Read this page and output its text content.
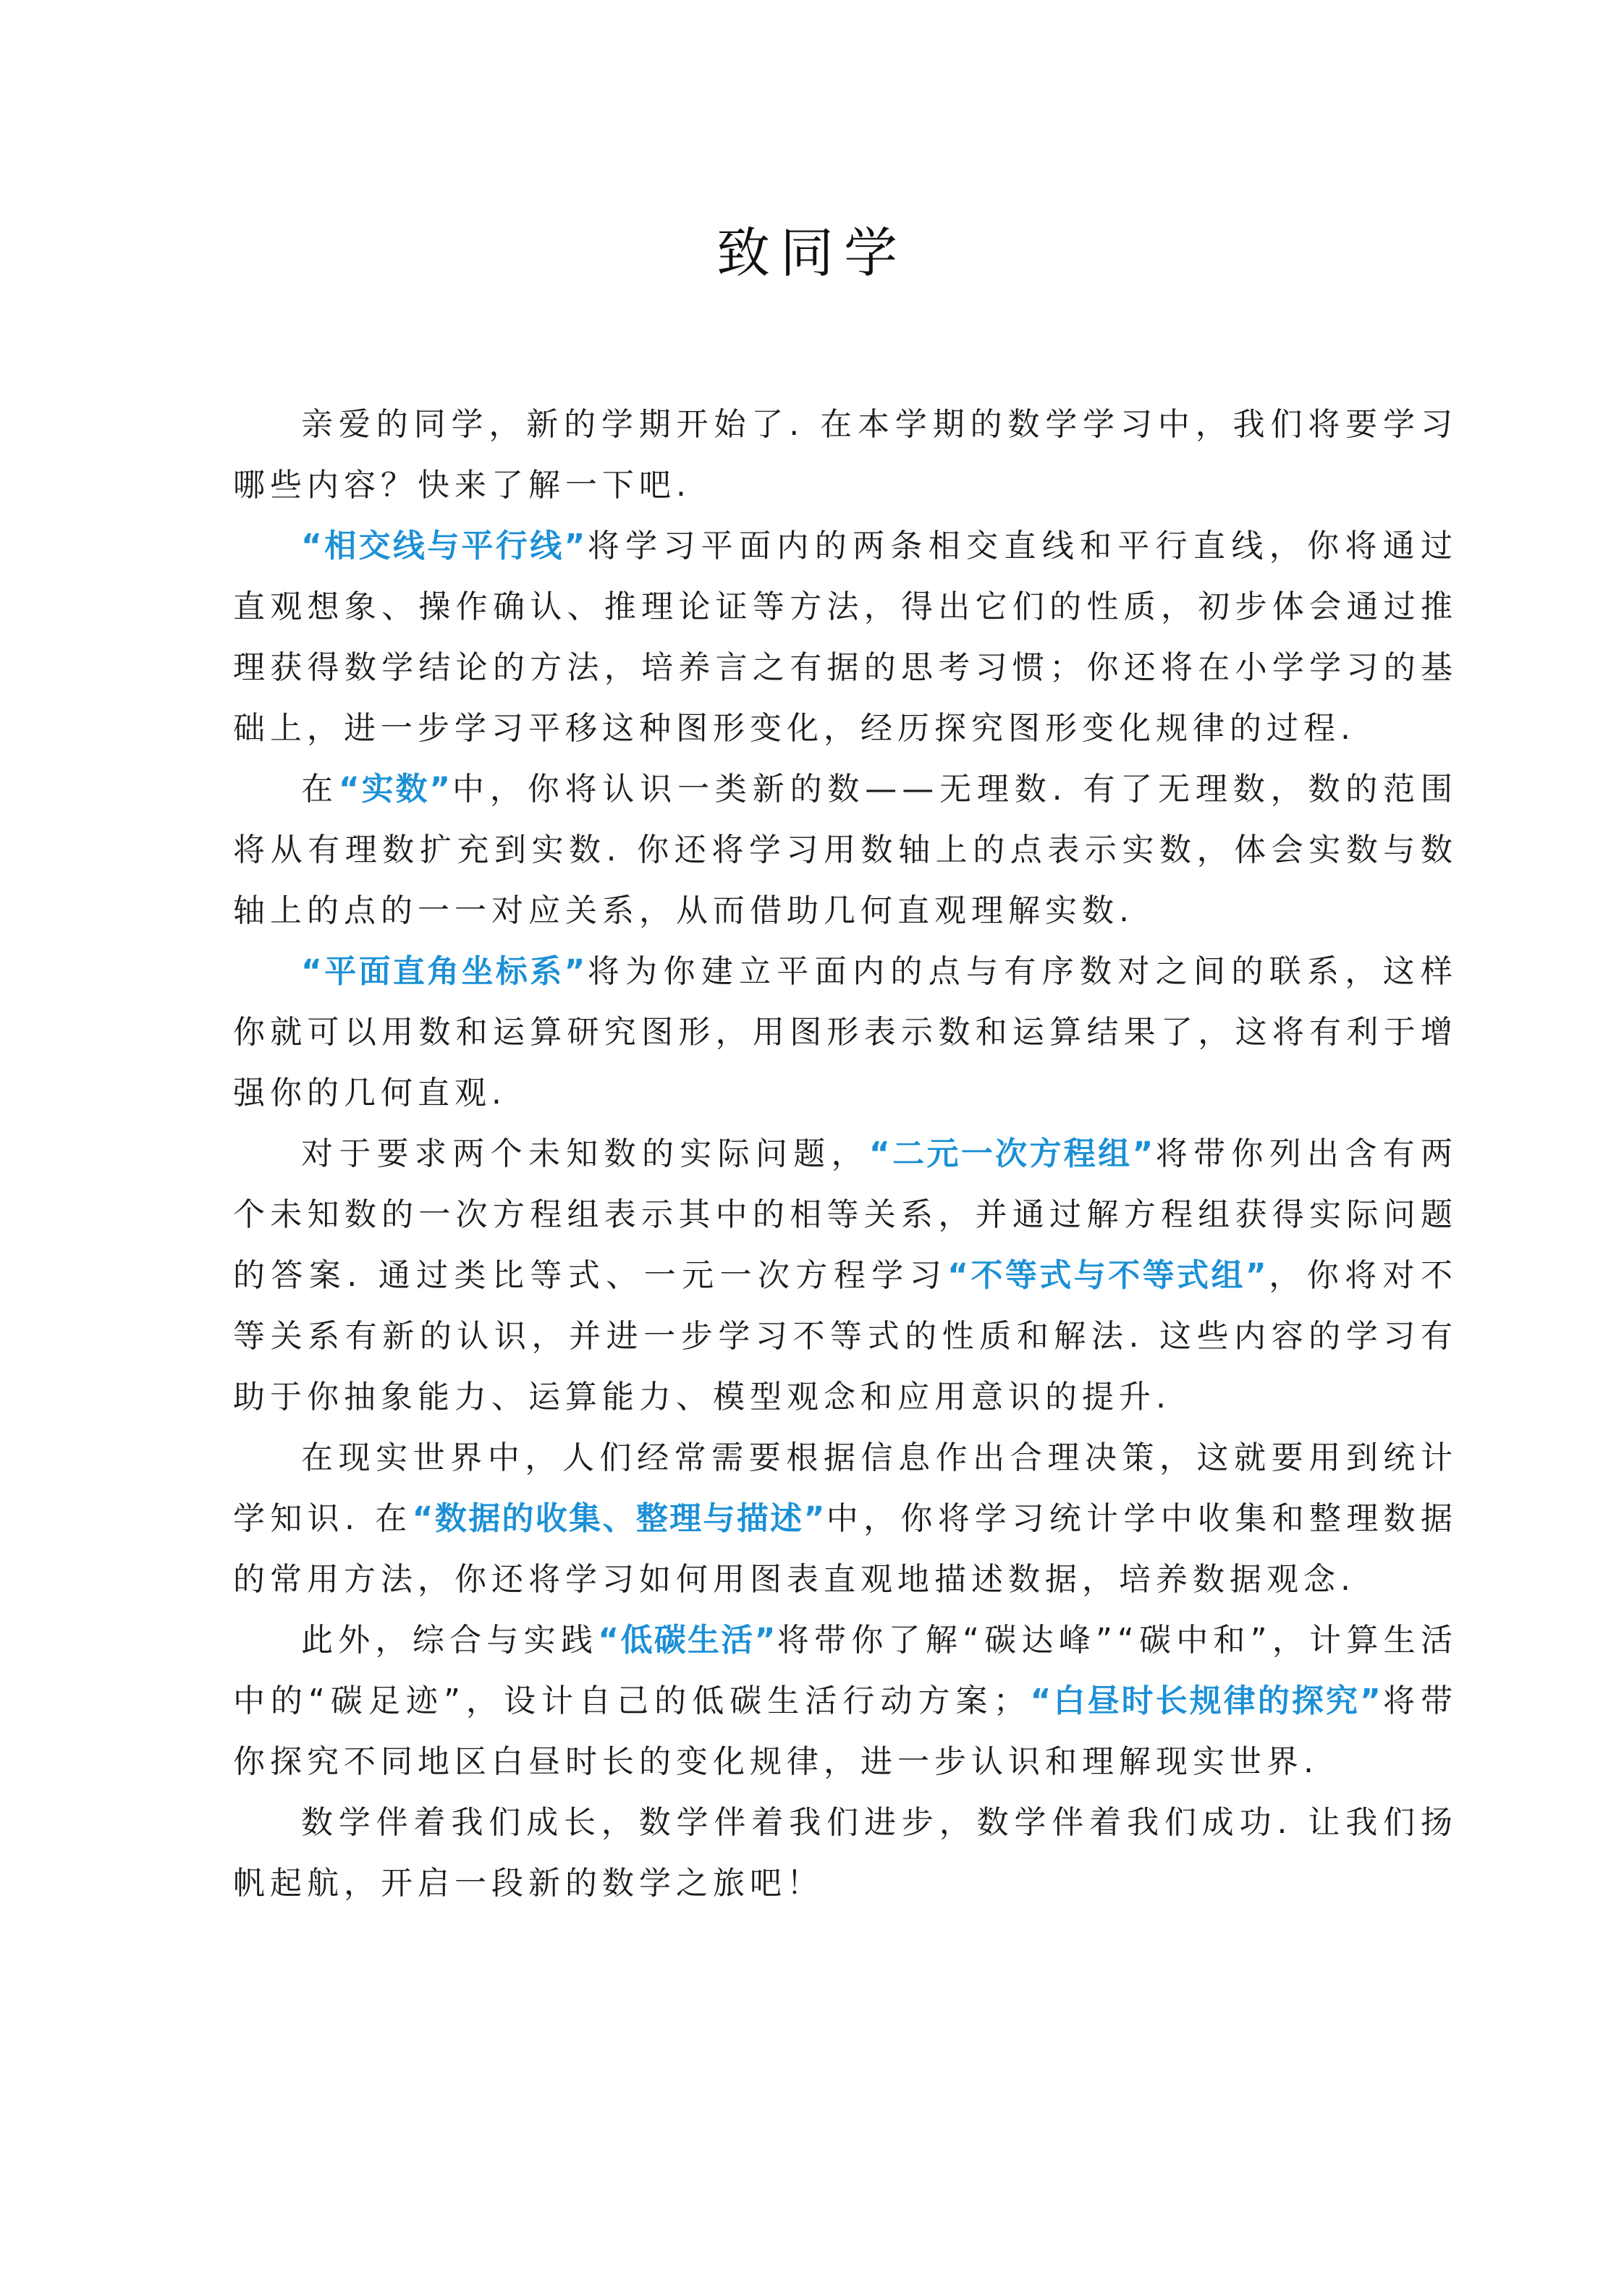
致同学

亲爱的同学，新的学期开始了. 在本学期的数学学习中，我们将要学习哪些内容？快来了解一下吧.

“相交线与平行线”将学习平面内的两条相交直线和平行直线，你将通过直观想象、操作确认、推理论证等方法，得出它们的性质，初步体会通过推理获得数学结论的方法，培养言之有据的思考习惯；你还将在小学学习的基础上，进一步学习平移这种图形变化，经历探究图形变化规律的过程.

在“实数”中，你将认识一类新的数——无理数. 有了无理数，数的范围将从有理数扩充到实数. 你还将学习用数轴上的点表示实数，体会实数与数轴上的点的一一对应关系，从而借助几何直观理解实数.

“平面直角坐标系”将为你建立平面内的点与有序数对之间的联系，这样你就可以用数和运算研究图形，用图形表示数和运算结果了，这将有利于增强你的几何直观.

对于要求两个未知数的实际问题，“二元一次方程组”将带你列出含有两个未知数的一次方程组表示其中的相等关系，并通过解方程组获得实际问题的答案. 通过类比等式、一元一次方程学习“不等式与不等式组”，你将对不等关系有新的认识，并进一步学习不等式的性质和解法. 这些内容的学习有助于你抽象能力、运算能力、模型观念和应用意识的提升.

在现实世界中，人们经常需要根据信息作出合理决策，这就要用到统计学知识. 在“数据的收集、整理与描述”中，你将学习统计学中收集和整理数据的常用方法，你还将学习如何用图表直观地描述数据，培养数据观念.

此外，综合与实践“低碳生活”将带你了解“碳达峰”“碳中和”，计算生活中的“碳足迹”，设计自己的低碳生活行动方案；“白昼时长规律的探究”将带你探究不同地区白昼时长的变化规律，进一步认识和理解现实世界.

数学伴着我们成长，数学伴着我们进步，数学伴着我们成功. 让我们扬帆起航，开启一段新的数学之旅吧！
